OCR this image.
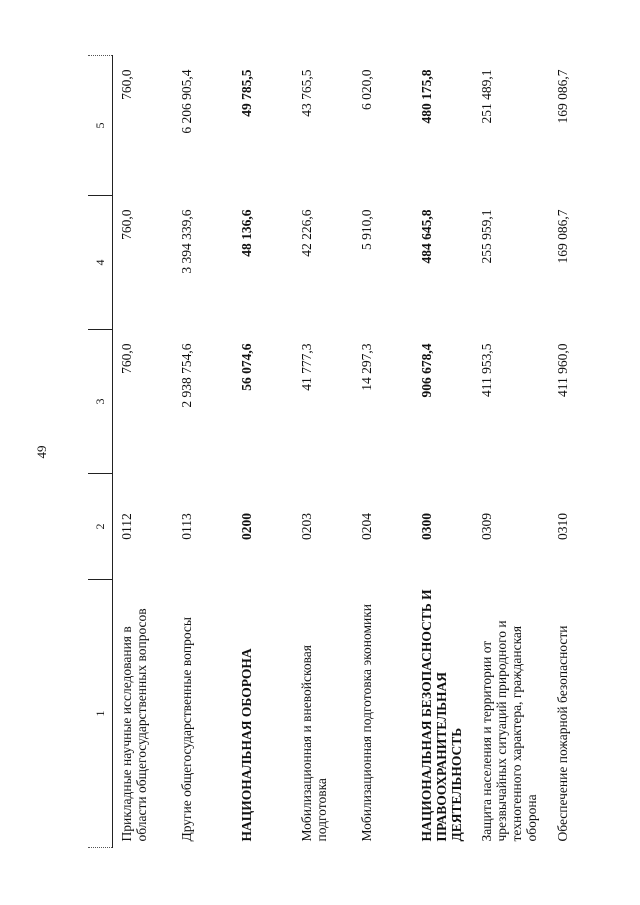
49
1	2	3	4	5
Прикладные научные исследования в области общегосударственных вопросов	0112	760,0	760,0	760,0
Другие общегосударственные вопросы	0113	2 938 754,6	3 394 339,6	6 206 905,4
НАЦИОНАЛЬНАЯ ОБОРОНА	0200	56 074,6	48 136,6	49 785,5
Мобилизационная и вневойсковая подготовка	0203	41 777,3	42 226,6	43 765,5
Мобилизационная подготовка экономики	0204	14 297,3	5 910,0	6 020,0
НАЦИОНАЛЬНАЯ БЕЗОПАСНОСТЬ И ПРАВООХРАНИТЕЛЬНАЯ ДЕЯТЕЛЬНОСТЬ	0300	906 678,4	484 645,8	480 175,8
Защита населения и территории от чрезвычайных ситуаций природного и техногенного характера, гражданская оборона	0309	411 953,5	255 959,1	251 489,1
Обеспечение пожарной безопасности	0310	411 960,0	169 086,7	169 086,7
